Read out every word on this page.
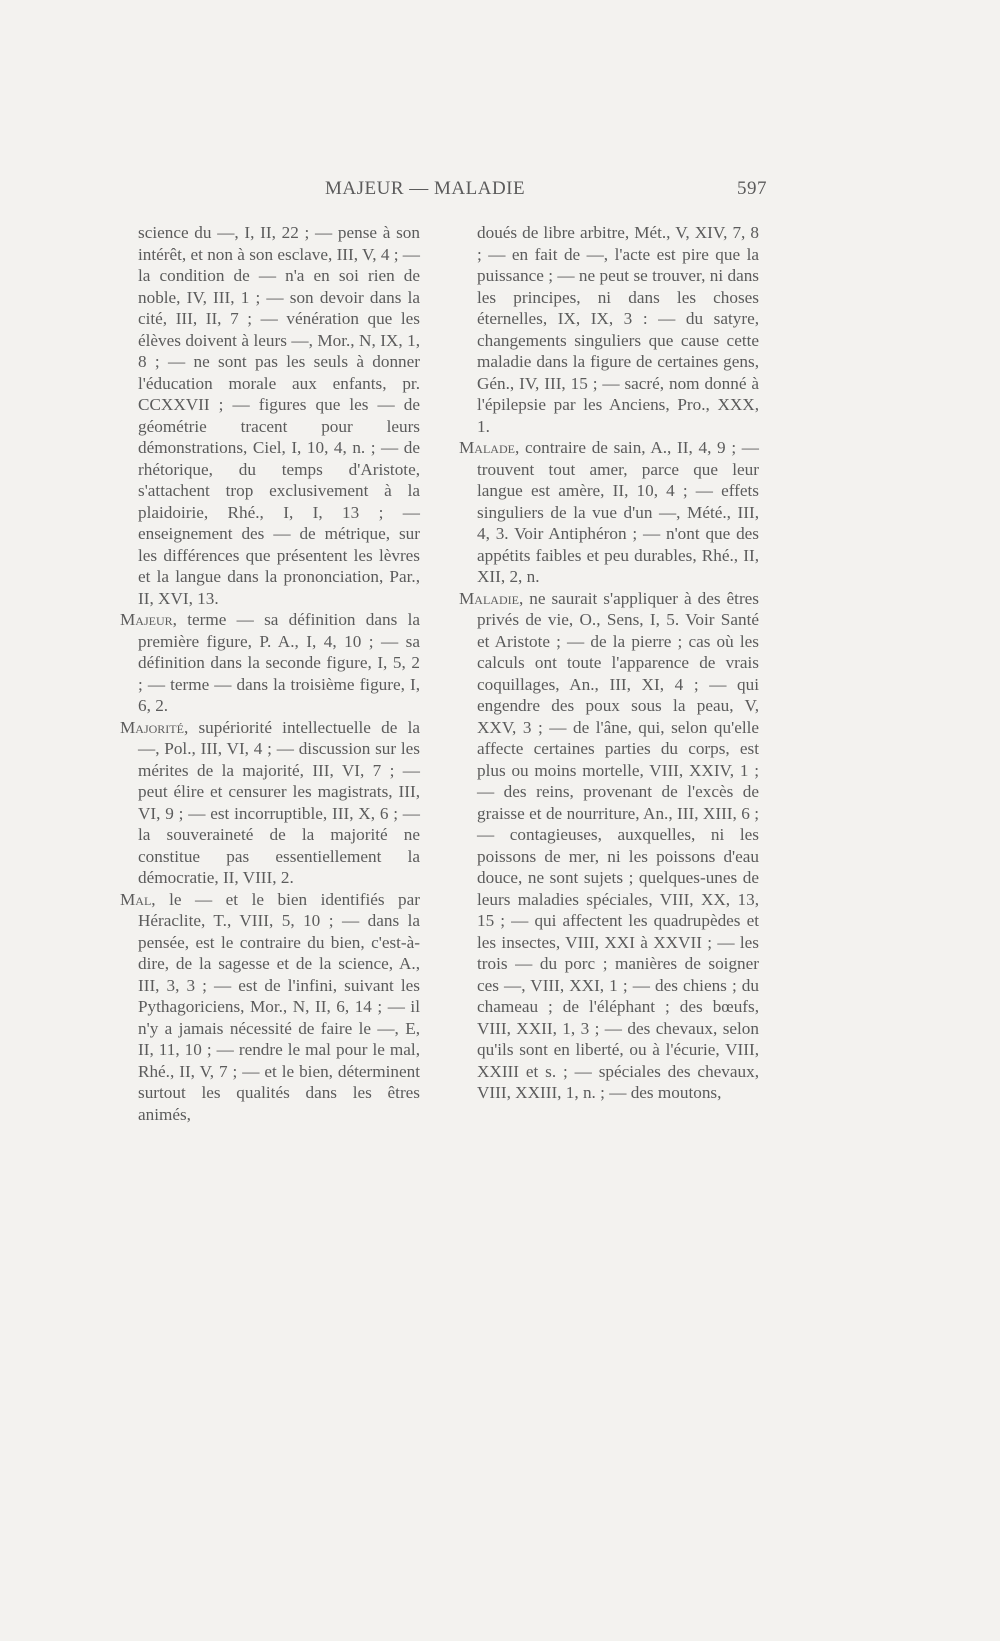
MAJEUR — MALADIE	597

science du —, I, II, 22 ; — pense à son intérêt, et non à son esclave, III, V, 4 ; — la condition de — n'a en soi rien de noble, IV, III, 1 ; — son devoir dans la cité, III, II, 7 ; — vénération que les élèves doivent à leurs —, Mor., N, IX, 1, 8 ; — ne sont pas les seuls à donner l'éducation morale aux enfants, pr. CCXXVII ; — figures que les — de géométrie tracent pour leurs démonstrations, Ciel, I, 10, 4, n. ; — de rhétorique, du temps d'Aristote, s'attachent trop exclusivement à la plaidoirie, Rhé., I, I, 13 ; — enseignement des — de métrique, sur les différences que présentent les lèvres et la langue dans la prononciation, Par., II, XVI, 13.

Majeur, terme — sa définition dans la première figure, P. A., I, 4, 10 ; — sa définition dans la seconde figure, I, 5, 2 ; — terme — dans la troisième figure, I, 6, 2.

Majorité, supériorité intellectuelle de la —, Pol., III, VI, 4 ; — discussion sur les mérites de la majorité, III, VI, 7 ; — peut élire et censurer les magistrats, III, VI, 9 ; — est incorruptible, III, X, 6 ; — la souveraineté de la majorité ne constitue pas essentiellement la démocratie, II, VIII, 2.

Mal, le — et le bien identifiés par Héraclite, T., VIII, 5, 10 ; — dans la pensée, est le contraire du bien, c'est-à-dire, de la sagesse et de la science, A., III, 3, 3 ; — est de l'infini, suivant les Pythagoriciens, Mor., N, II, 6, 14 ; — il n'y a jamais nécessité de faire le —, E, II, 11, 10 ; — rendre le mal pour le mal, Rhé., II, V, 7 ; — et le bien, déterminent surtout les qualités dans les êtres animés,

doués de libre arbitre, Mét., V, XIV, 7, 8 ; — en fait de —, l'acte est pire que la puissance ; — ne peut se trouver, ni dans les principes, ni dans les choses éternelles, IX, IX, 3 : — du satyre, changements singuliers que cause cette maladie dans la figure de certaines gens, Gén., IV, III, 15 ; — sacré, nom donné à l'épilepsie par les Anciens, Pro., XXX, 1.

Malade, contraire de sain, A., II, 4, 9 ; — trouvent tout amer, parce que leur langue est amère, II, 10, 4 ; — effets singuliers de la vue d'un —, Mété., III, 4, 3. Voir Antiphéron ; — n'ont que des appétits faibles et peu durables, Rhé., II, XII, 2, n.

Maladie, ne saurait s'appliquer à des êtres privés de vie, O., Sens, I, 5. Voir Santé et Aristote ; — de la pierre ; cas où les calculs ont toute l'apparence de vrais coquillages, An., III, XI, 4 ; — qui engendre des poux sous la peau, V, XXV, 3 ; — de l'âne, qui, selon qu'elle affecte certaines parties du corps, est plus ou moins mortelle, VIII, XXIV, 1 ; — des reins, provenant de l'excès de graisse et de nourriture, An., III, XIII, 6 ; — contagieuses, auxquelles, ni les poissons de mer, ni les poissons d'eau douce, ne sont sujets ; quelques-unes de leurs maladies spéciales, VIII, XX, 13, 15 ; — qui affectent les quadrupèdes et les insectes, VIII, XXI à XXVII ; — les trois — du porc ; manières de soigner ces —, VIII, XXI, 1 ; — des chiens ; du chameau ; de l'éléphant ; des bœufs, VIII, XXII, 1, 3 ; — des chevaux, selon qu'ils sont en liberté, ou à l'écurie, VIII, XXIII et s. ; — spéciales des chevaux, VIII, XXIII, 1, n. ; — des moutons,
